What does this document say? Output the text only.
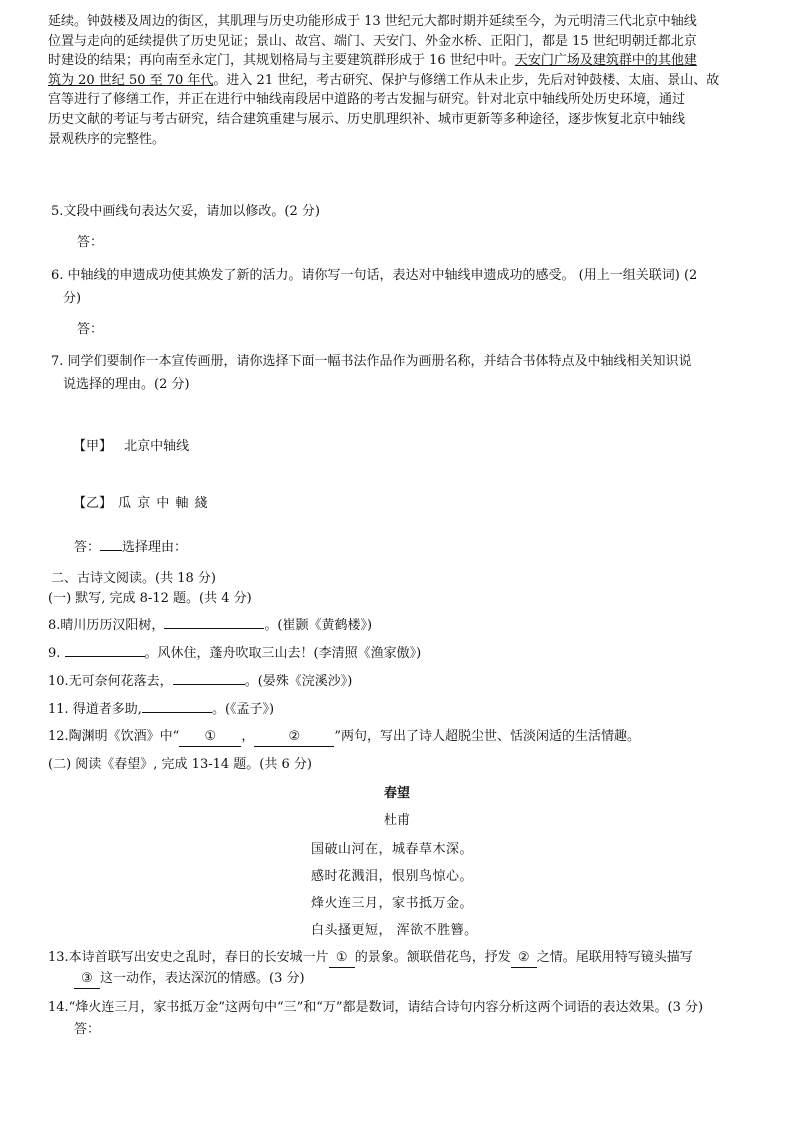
延续。钟鼓楼及周边的街区，其肌理与历史功能形成于 13 世纪元大都时期并延续至今，为元明清三代北京中轴线
位置与走向的延续提供了历史见证；景山、故宫、端门、天安门、外金水桥、正阳门，都是 15 世纪明朝迁都北京
时建设的结果；再向南至永定门，其规划格局与主要建筑群形成于 16 世纪中叶。天安门广场及建筑群中的其他建
筑为 20 世纪 50 至 70 年代。进入 21 世纪，考古研究、保护与修缮工作从未止步，先后对钟鼓楼、太庙、景山、故
宫等进行了修缮工作，并正在进行中轴线南段居中道路的考古发掘与研究。针对北京中轴线所处历史环境，通过
历史文献的考证与考古研究，结合建筑重建与展示、历史肌理织补、城市更新等多种途径，逐步恢复北京中轴线
景观秩序的完整性。
5.文段中画线句表达欠妥，请加以修改。(2 分)
答：
6. 中轴线的申遗成功使其焕发了新的活力。请你写一句话，表达对中轴线申遗成功的感受。 (用上一组关联词) (2
分)
答：
7. 同学们要制作一本宣传画册，请你选择下面一幅书法作品作为画册名称，并结合书体特点及中轴线相关知识说
说选择的理由。(2 分)
【甲】 北京中轴线
【乙】 瓜 京 中 軸 綫
答： 选择理由：
二、古诗文阅读。(共 18 分)
(一) 默写, 完成 8-12 题。(共 4 分)
8.晴川历历汉阳树，	。(崔颢《黄鹤楼》)
9.	。风休住，蓬舟吹取三山去！(李清照《渔家傲》)
10.无可奈何花落去，	。(晏殊《浣溪沙》)
11. 得道者多助,	。(《孟子》)
12.陶渊明《饮酒》中“ ① ，	②	”两句，写出了诗人超脱尘世、恬淡闲适的生活情趣。
(二) 阅读《春望》, 完成 13-14 题。(共 6 分)
春望
杜甫
国破山河在，城春草木深。
感时花溅泪，恨别鸟惊心。
烽火连三月，家书抵万金。
白头搔更短， 浑欲不胜簪。
13.本诗首联写出安史之乱时，春日的长安城一片 ① 的景象。颔联借花鸟，抒发 ② 之情。尾联用特写镜头描写
③ 这一动作，表达深沉的情感。(3 分)
14.“烽火连三月，家书抵万金”这两句中“三”和“万”都是数词，请结合诗句内容分析这两个词语的表达效果。(3 分)
答：
